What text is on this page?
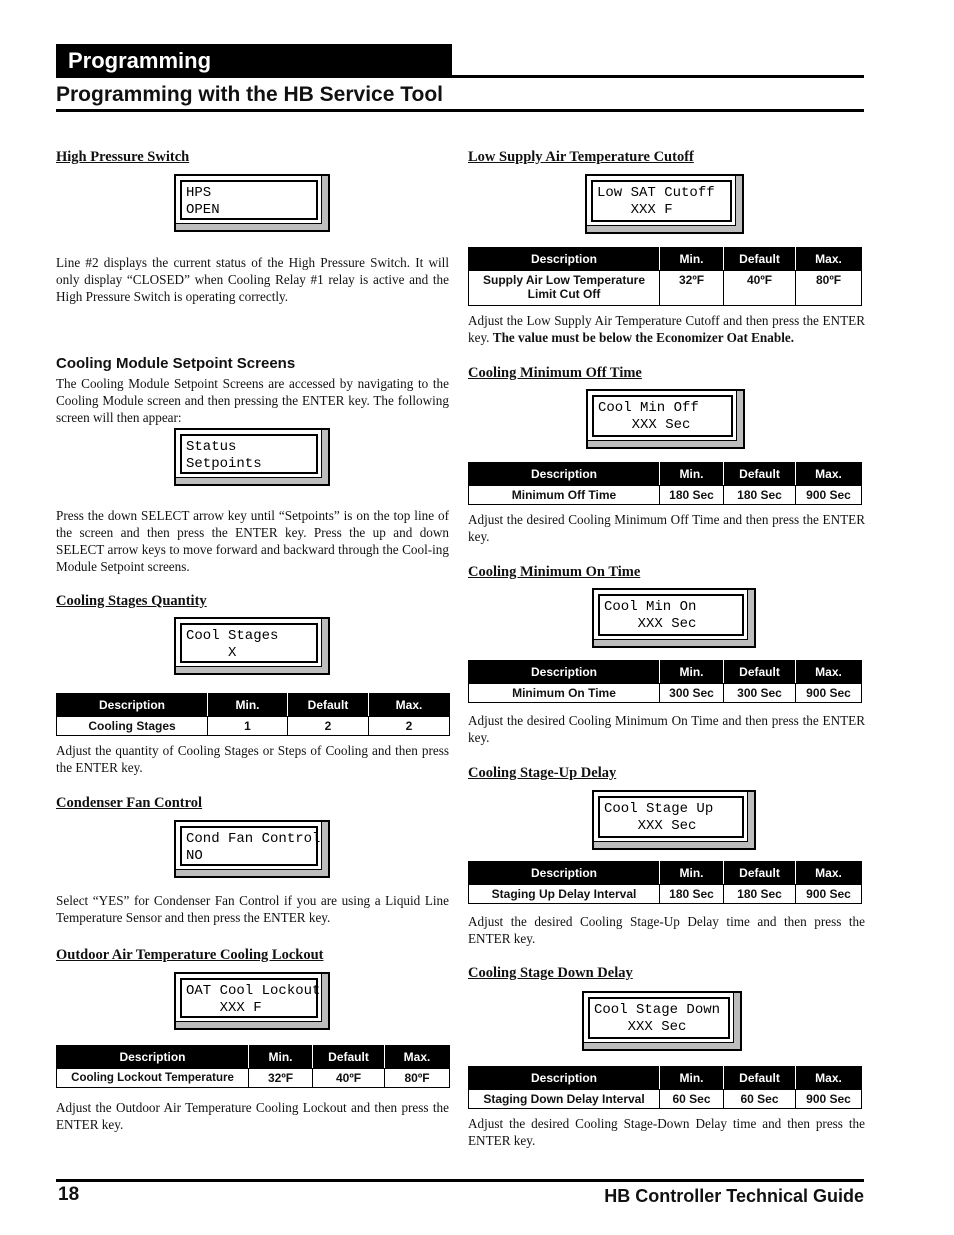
Programming
Programming with the HB Service Tool

High Pressure Switch

HPS
OPEN

Line #2 displays the current status of the High Pressure Switch. It will only display “CLOSED” when Cooling Relay #1 relay is active and the High Pressure Switch is operating correctly.

Cooling Module Setpoint Screens

The Cooling Module Setpoint Screens are accessed by navigating to the Cooling Module screen and then pressing the ENTER key. The following screen will then appear:

Status
Setpoints

Press the down SELECT arrow key until “Setpoints” is on the top line of the screen and then press the ENTER key. Press the up and down SELECT arrow keys to move forward and backward through the Cool-ing Module Setpoint screens.

Cooling Stages Quantity

Cool Stages
X
Description	Min.	Default	Max.
Cooling Stages	1	2	2

Adjust the quantity of Cooling Stages or Steps of Cooling and then press the ENTER key.

Condenser Fan Control

Cond Fan Control
NO

Select “YES” for Condenser Fan Control if you are using a Liquid Line Temperature Sensor and then press the ENTER key.

Outdoor Air Temperature Cooling Lockout

OAT Cool Lockout
XXX F
Description	Min.	Default	Max.
Cooling Lockout Temperature	32ºF	40ºF	80ºF

Adjust the Outdoor Air Temperature Cooling Lockout and then press the ENTER key.

Low Supply Air Temperature Cutoff

Low SAT Cutoff
XXX F
Description	Min.	Default	Max.
Supply Air Low Temperature Limit Cut Off	32ºF	40ºF	80ºF

Adjust the Low Supply Air Temperature Cutoff and then press the ENTER key. The value must be below the Economizer Oat Enable.

Cooling Minimum Off Time

Cool Min Off
XXX Sec
Description	Min.	Default	Max.
Minimum Off Time	180 Sec	180 Sec	900 Sec

Adjust the desired Cooling Minimum Off Time and then press the ENTER key.

Cooling Minimum On Time

Cool Min On
XXX Sec
Description	Min.	Default	Max.
Minimum On Time	300 Sec	300 Sec	900 Sec

Adjust the desired Cooling Minimum On Time and then press the ENTER key.

Cooling Stage-Up Delay

Cool Stage Up
XXX Sec
Description	Min.	Default	Max.
Staging Up Delay Interval	180 Sec	180 Sec	900 Sec

Adjust the desired Cooling Stage-Up Delay time and then press the ENTER key.

Cooling Stage Down Delay

Cool Stage Down
XXX Sec
Description	Min.	Default	Max.
Staging Down Delay Interval	60 Sec	60 Sec	900 Sec

Adjust the desired Cooling Stage-Down Delay time and then press the ENTER key.

18	HB Controller Technical Guide
